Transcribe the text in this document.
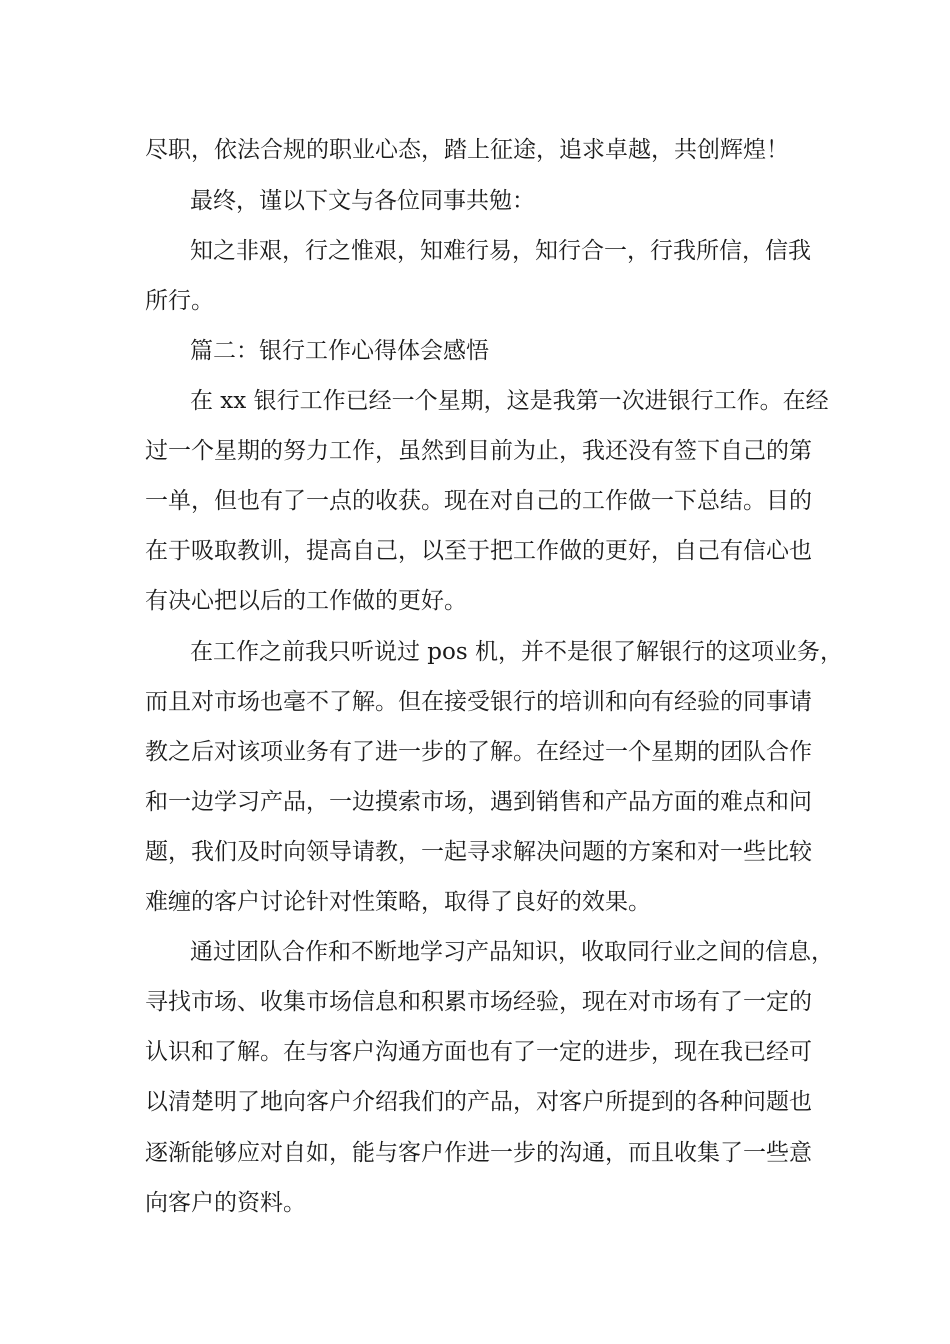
尽职，依法合规的职业心态，踏上征途，追求卓越，共创辉煌！
最终，谨以下文与各位同事共勉：
知之非艰，行之惟艰，知难行易，知行合一，行我所信，信我
所行。
篇二：银行工作心得体会感悟
在 xx 银行工作已经一个星期，这是我第一次进银行工作。在经
过一个星期的努力工作，虽然到目前为止，我还没有签下自己的第
一单，但也有了一点的收获。现在对自己的工作做一下总结。目的
在于吸取教训，提高自己，以至于把工作做的更好，自己有信心也
有决心把以后的工作做的更好。
在工作之前我只听说过 pos 机，并不是很了解银行的这项业务，
而且对市场也毫不了解。但在接受银行的培训和向有经验的同事请
教之后对该项业务有了进一步的了解。在经过一个星期的团队合作
和一边学习产品，一边摸索市场，遇到销售和产品方面的难点和问
题，我们及时向领导请教，一起寻求解决问题的方案和对一些比较
难缠的客户讨论针对性策略，取得了良好的效果。
通过团队合作和不断地学习产品知识，收取同行业之间的信息，
寻找市场、收集市场信息和积累市场经验，现在对市场有了一定的
认识和了解。在与客户沟通方面也有了一定的进步，现在我已经可
以清楚明了地向客户介绍我们的产品，对客户所提到的各种问题也
逐渐能够应对自如，能与客户作进一步的沟通，而且收集了一些意
向客户的资料。
